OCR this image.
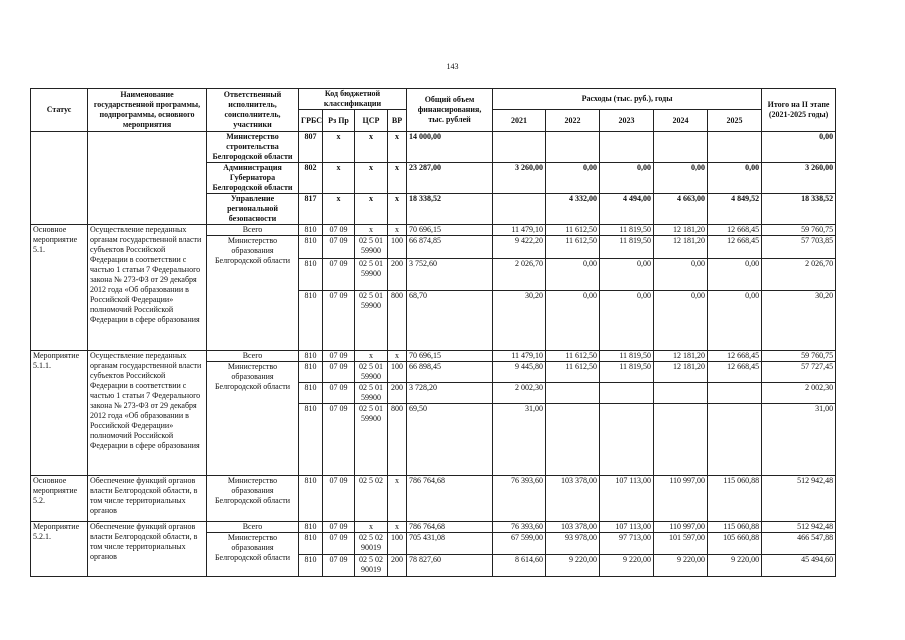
143
Статус	Наименование государственной программы, подпрограммы, основного мероприятия	Ответственный исполнитель, соисполнитель, участники	Код бюджетной классификации				Общий объем финансирования, тыс. рублей	Расходы (тыс. руб.), годы					Итого на II этапе (2021-2025 годы)

			ГРБС	Рз Пр	ЦСР	ВР		2021	2022	2023	2024	2025	
		Министерство строительства Белгородской области	807	х	х	х	14 000,00						0,00
		Администрация Губернатора Белгородской области	802	х	х	х	23 287,00	3 260,00	0,00	0,00	0,00	0,00	3 260,00
		Управление региональной безопасности	817	х	х	х	18 338,52		4 332,00	4 494,00	4 663,00	4 849,52	18 338,52
Основное мероприятие 5.1.	Осуществление переданных органам государственной власти субъектов Российской Федерации в соответствии с частью 1 статьи 7 Федерального закона № 273-ФЗ от 29 декабря 2012 года «Об образовании в Российской Федерации» полномочий Российской Федерации в сфере образования	Всего	810	07 09	х	х	70 696,15	11 479,10	11 612,50	11 819,50	12 181,20	12 668,45	59 760,75
		Министерство образования Белгородской области	810	07 09	02 5 01 59900	100	66 874,85	9 422,20	11 612,50	11 819,50	12 181,20	12 668,45	57 703,85
			810	07 09	02 5 01 59900	200	3 752,60	2 026,70	0,00	0,00	0,00	0,00	2 026,70
			810	07 09	02 5 01 59900	800	68,70	30,20	0,00	0,00	0,00	0,00	30,20
Мероприятие 5.1.1.	Осуществление переданных органам государственной власти субъектов Российской Федерации в соответствии с частью 1 статьи 7 Федерального закона № 273-ФЗ от 29 декабря 2012 года «Об образовании в Российской Федерации» полномочий Российской Федерации в сфере образования	Всего	810	07 09	х	х	70 696,15	11 479,10	11 612,50	11 819,50	12 181,20	12 668,45	59 760,75
		Министерство образования Белгородской области	810	07 09	02 5 01 59900	100	66 898,45	9 445,80	11 612,50	11 819,50	12 181,20	12 668,45	57 727,45
			810	07 09	02 5 01 59900	200	3 728,20	2 002,30					2 002,30
			810	07 09	02 5 01 59900	800	69,50	31,00					31,00
Основное мероприятие 5.2.	Обеспечение функций органов власти Белгородской области, в том числе территориальных органов	Министерство образования Белгородской области	810	07 09	02 5 02	х	786 764,68	76 393,60	103 378,00	107 113,00	110 997,00	115 060,88	512 942,48
Мероприятие 5.2.1.	Обеспечение функций органов власти Белгородской области, в том числе территориальных органов	Всего	810	07 09	х	х	786 764,68	76 393,60	103 378,00	107 113,00	110 997,00	115 060,88	512 942,48
		Министерство образования Белгородской области	810	07 09	02 5 02 90019	100	705 431,08	67 599,00	93 978,00	97 713,00	101 597,00	105 660,88	466 547,88
			810	07 09	02 5 02 90019	200	78 827,60	8 614,60	9 220,00	9 220,00	9 220,00	9 220,00	45 494,60
